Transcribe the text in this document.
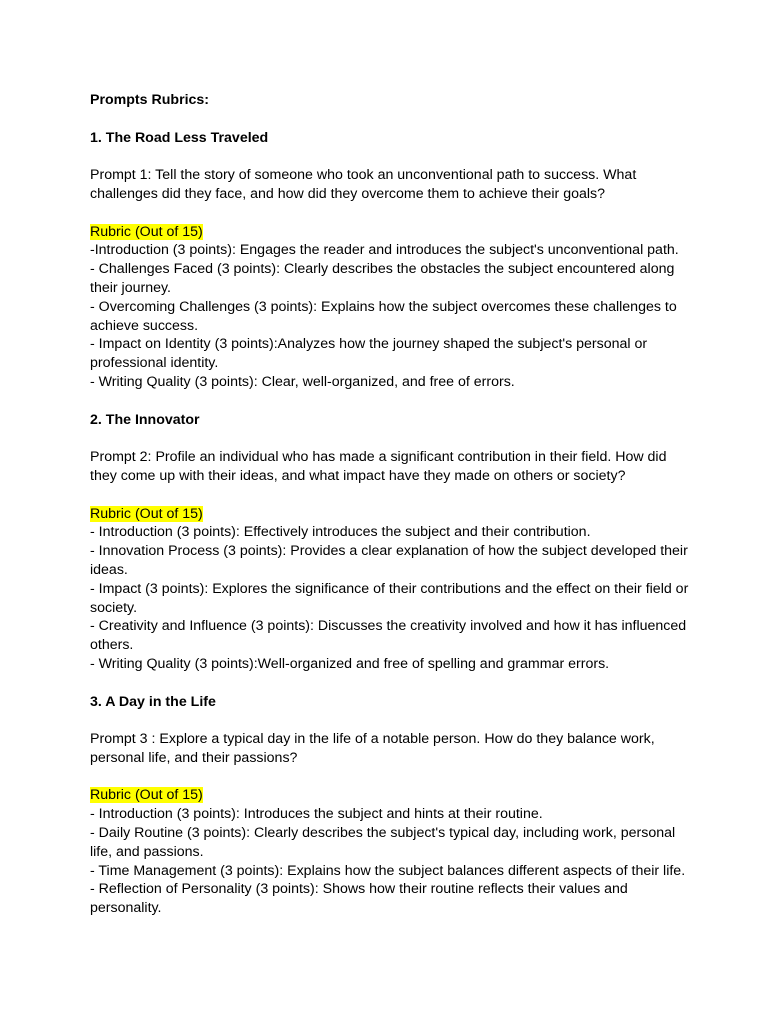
Prompts Rubrics:

1. The Road Less Traveled

Prompt 1: Tell the story of someone who took an unconventional path to success. What challenges did they face, and how did they overcome them to achieve their goals?

Rubric (Out of 15)

-Introduction (3 points): Engages the reader and introduces the subject's unconventional path.

- Challenges Faced (3 points): Clearly describes the obstacles the subject encountered along their journey.

- Overcoming Challenges (3 points): Explains how the subject overcomes these challenges to achieve success.

- Impact on Identity (3 points):Analyzes how the journey shaped the subject's personal or professional identity.

- Writing Quality (3 points): Clear, well-organized, and free of errors.

2. The Innovator

Prompt 2: Profile an individual who has made a significant contribution in their field. How did they come up with their ideas, and what impact have they made on others or society?

Rubric (Out of 15)

- Introduction (3 points): Effectively introduces the subject and their contribution.

- Innovation Process (3 points): Provides a clear explanation of how the subject developed their ideas.

- Impact (3 points): Explores the significance of their contributions and the effect on their field or society.

- Creativity and Influence (3 points): Discusses the creativity involved and how it has influenced others.

- Writing Quality (3 points):Well-organized and free of spelling and grammar errors.

3. A Day in the Life

Prompt 3 : Explore a typical day in the life of a notable person. How do they balance work, personal life, and their passions?

Rubric (Out of 15)

- Introduction (3 points): Introduces the subject and hints at their routine.

- Daily Routine (3 points): Clearly describes the subject's typical day, including work, personal life, and passions.

- Time Management (3 points): Explains how the subject balances different aspects of their life.

- Reflection of Personality (3 points): Shows how their routine reflects their values and personality.
